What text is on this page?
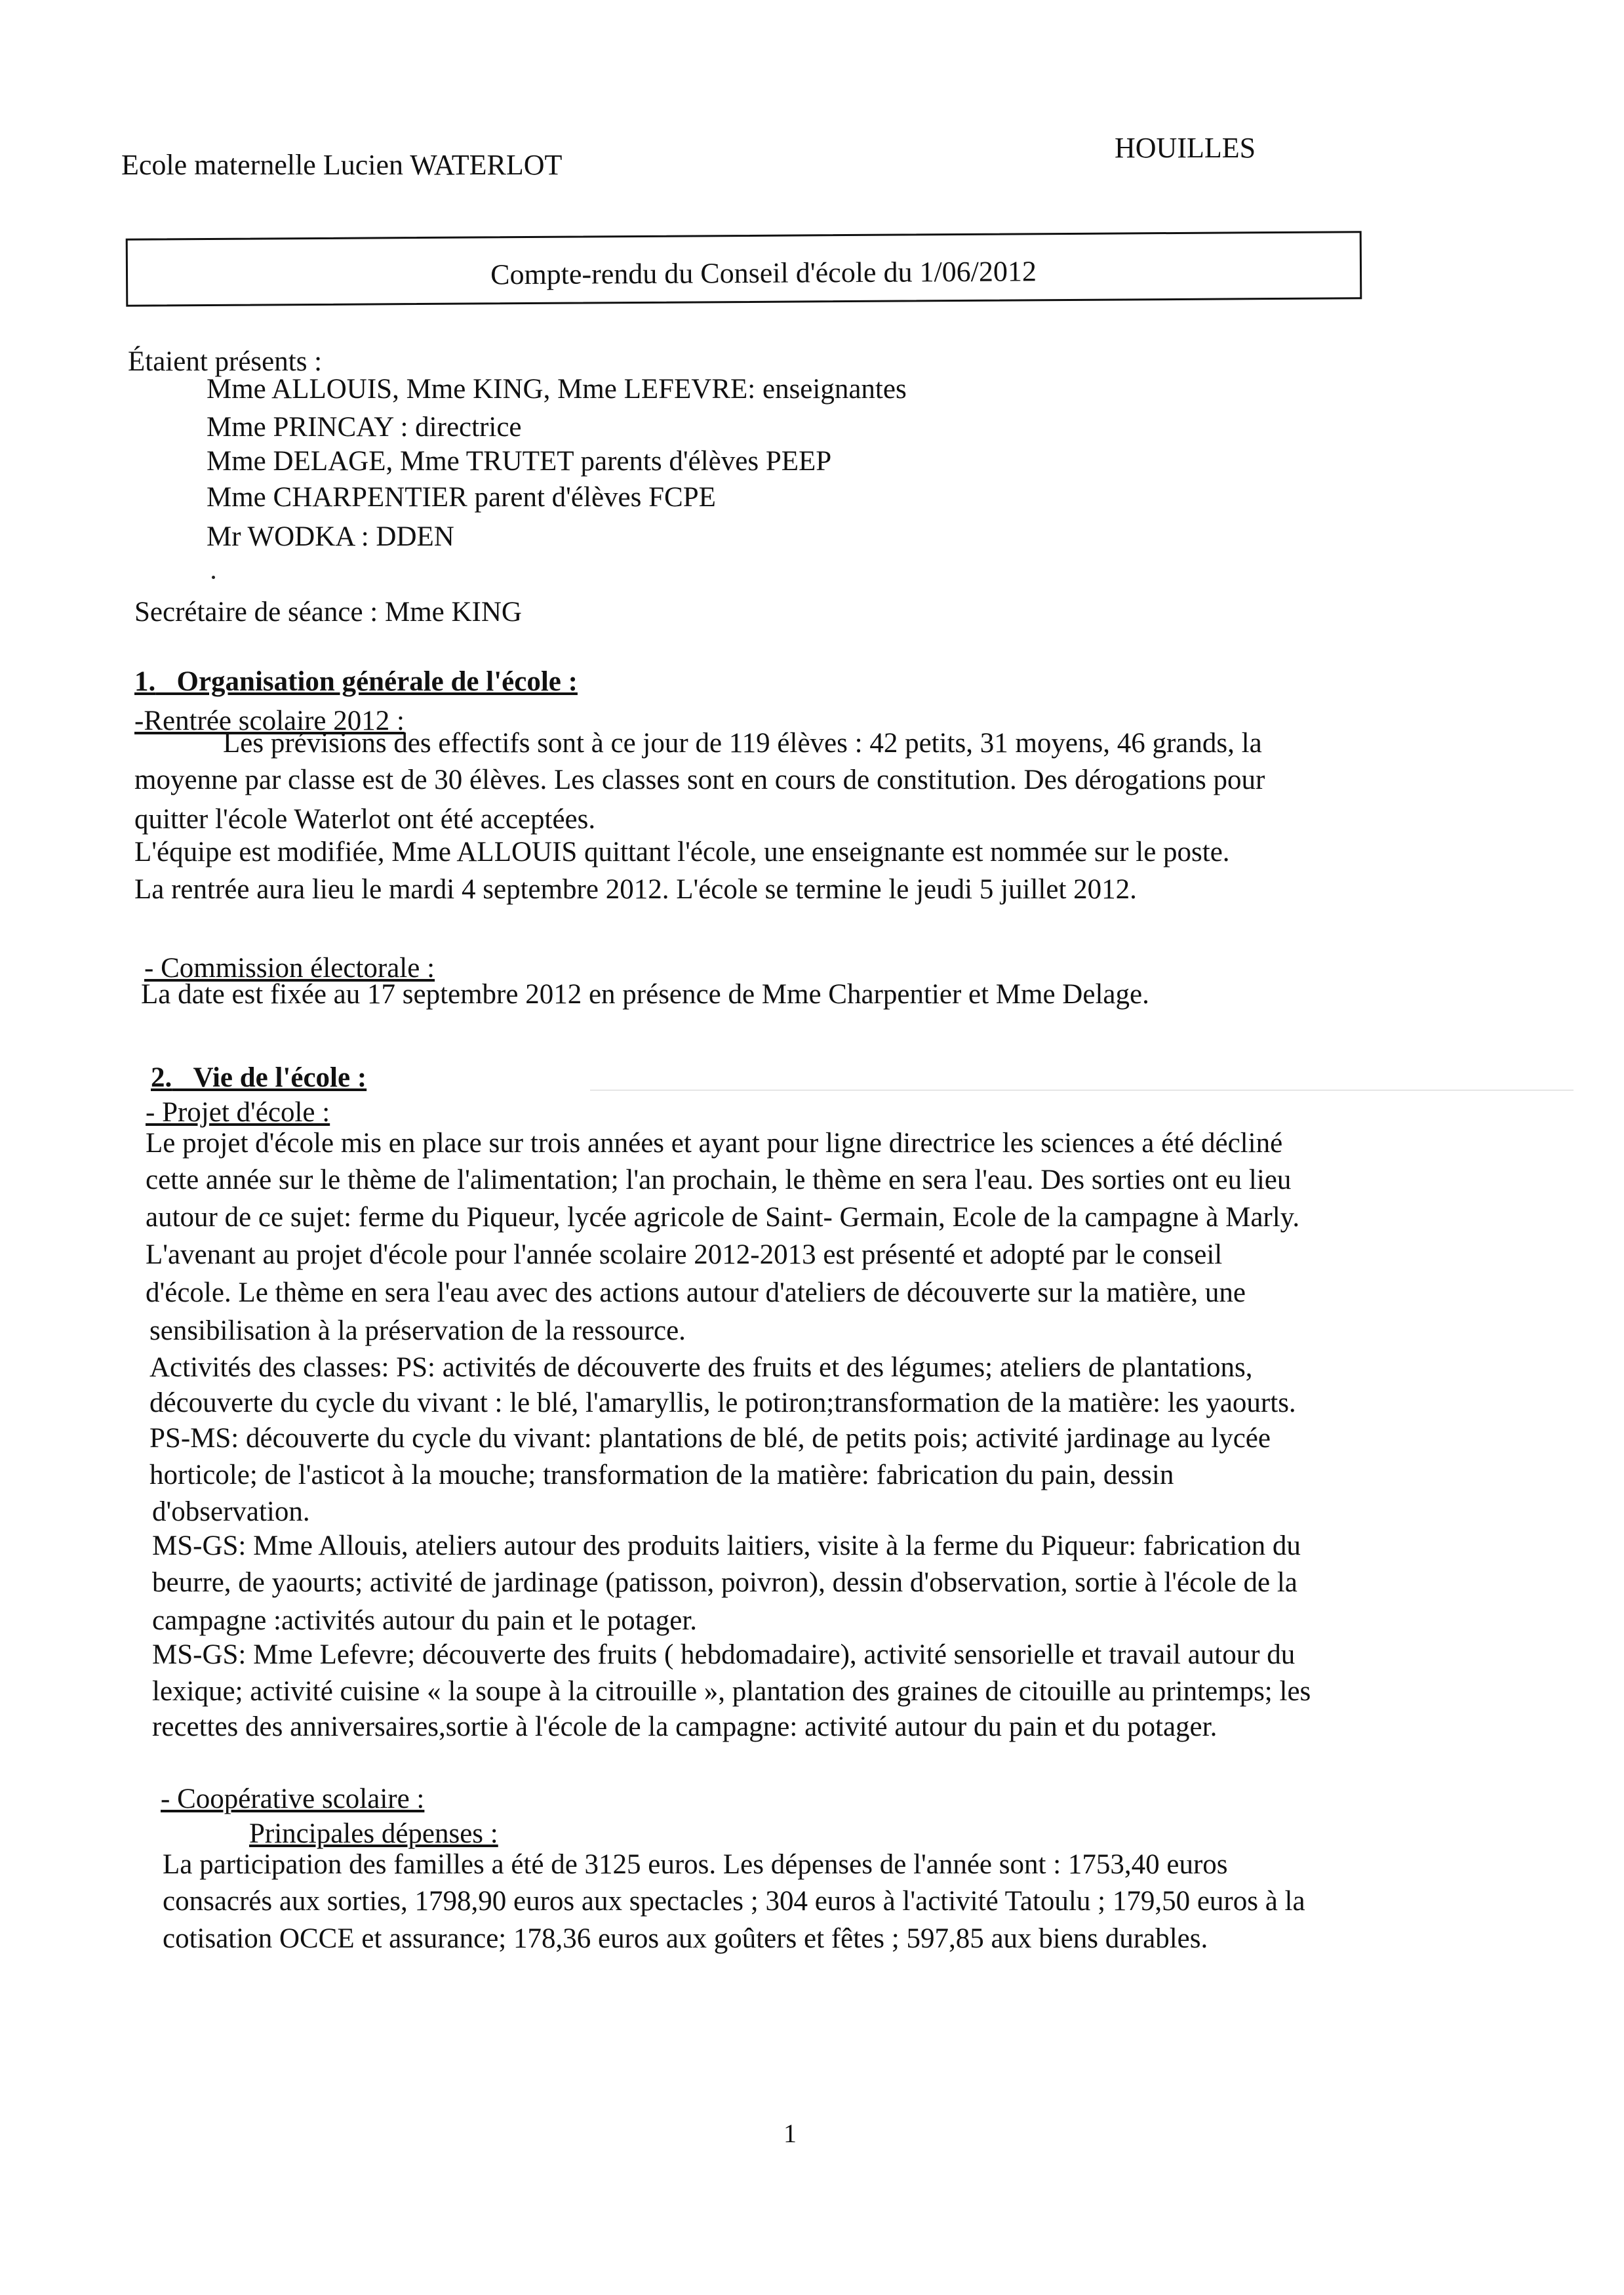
Ecole maternelle Lucien WATERLOT
HOUILLES
Compte-rendu du Conseil d'école du 1/06/2012
Étaient présents :
Mme ALLOUIS, Mme KING, Mme LEFEVRE: enseignantes
Mme PRINCAY : directrice
Mme DELAGE, Mme TRUTET parents d'élèves PEEP
Mme CHARPENTIER parent d'élèves FCPE
Mr WODKA : DDEN
Secrétaire de séance : Mme KING
1. Organisation générale de l'école :
-Rentrée scolaire 2012 :
Les prévisions des effectifs sont à ce jour de 119 élèves : 42 petits, 31 moyens, 46 grands, la
moyenne par classe est de 30 élèves. Les classes sont en cours de constitution. Des dérogations pour
quitter l'école Waterlot ont été acceptées.
L'équipe est modifiée, Mme ALLOUIS quittant l'école, une enseignante est nommée sur le poste.
La rentrée aura lieu le mardi 4 septembre 2012. L'école se termine le jeudi 5 juillet 2012.
- Commission électorale :
La date est fixée au 17 septembre 2012 en présence de Mme Charpentier et Mme Delage.
2. Vie de l'école :
- Projet d'école :
Le projet d'école mis en place sur trois années et ayant pour ligne directrice les sciences a été décliné
cette année sur le thème de l'alimentation; l'an prochain, le thème en sera l'eau. Des sorties ont eu lieu
autour de ce sujet: ferme du Piqueur, lycée agricole de Saint- Germain, Ecole de la campagne à Marly.
L'avenant au projet d'école pour l'année scolaire 2012-2013 est présenté et adopté par le conseil
d'école. Le thème en sera l'eau avec des actions autour d'ateliers de découverte sur la matière, une
sensibilisation à la préservation de la ressource.
Activités des classes: PS: activités de découverte des fruits et des légumes; ateliers de plantations,
découverte du cycle du vivant : le blé, l'amaryllis, le potiron;transformation de la matière: les yaourts.
PS-MS: découverte du cycle du vivant: plantations de blé, de petits pois; activité jardinage au lycée
horticole; de l'asticot à la mouche; transformation de la matière: fabrication du pain, dessin
d'observation.
MS-GS: Mme Allouis, ateliers autour des produits laitiers, visite à la ferme du Piqueur: fabrication du
beurre, de yaourts; activité de jardinage (patisson, poivron), dessin d'observation, sortie à l'école de la
campagne :activités autour du pain et le potager.
MS-GS: Mme Lefevre; découverte des fruits ( hebdomadaire), activité sensorielle et travail autour du
lexique; activité cuisine « la soupe à la citrouille », plantation des graines de citouille au printemps; les
recettes des anniversaires,sortie à l'école de la campagne: activité autour du pain et du potager.
- Coopérative scolaire :
Principales dépenses :
La participation des familles a été de 3125 euros. Les dépenses de l'année sont : 1753,40 euros
consacrés aux sorties, 1798,90 euros aux spectacles ; 304 euros à l'activité Tatoulu ; 179,50 euros à la
cotisation OCCE et assurance; 178,36 euros aux goûters et fêtes ; 597,85 aux biens durables.
1
